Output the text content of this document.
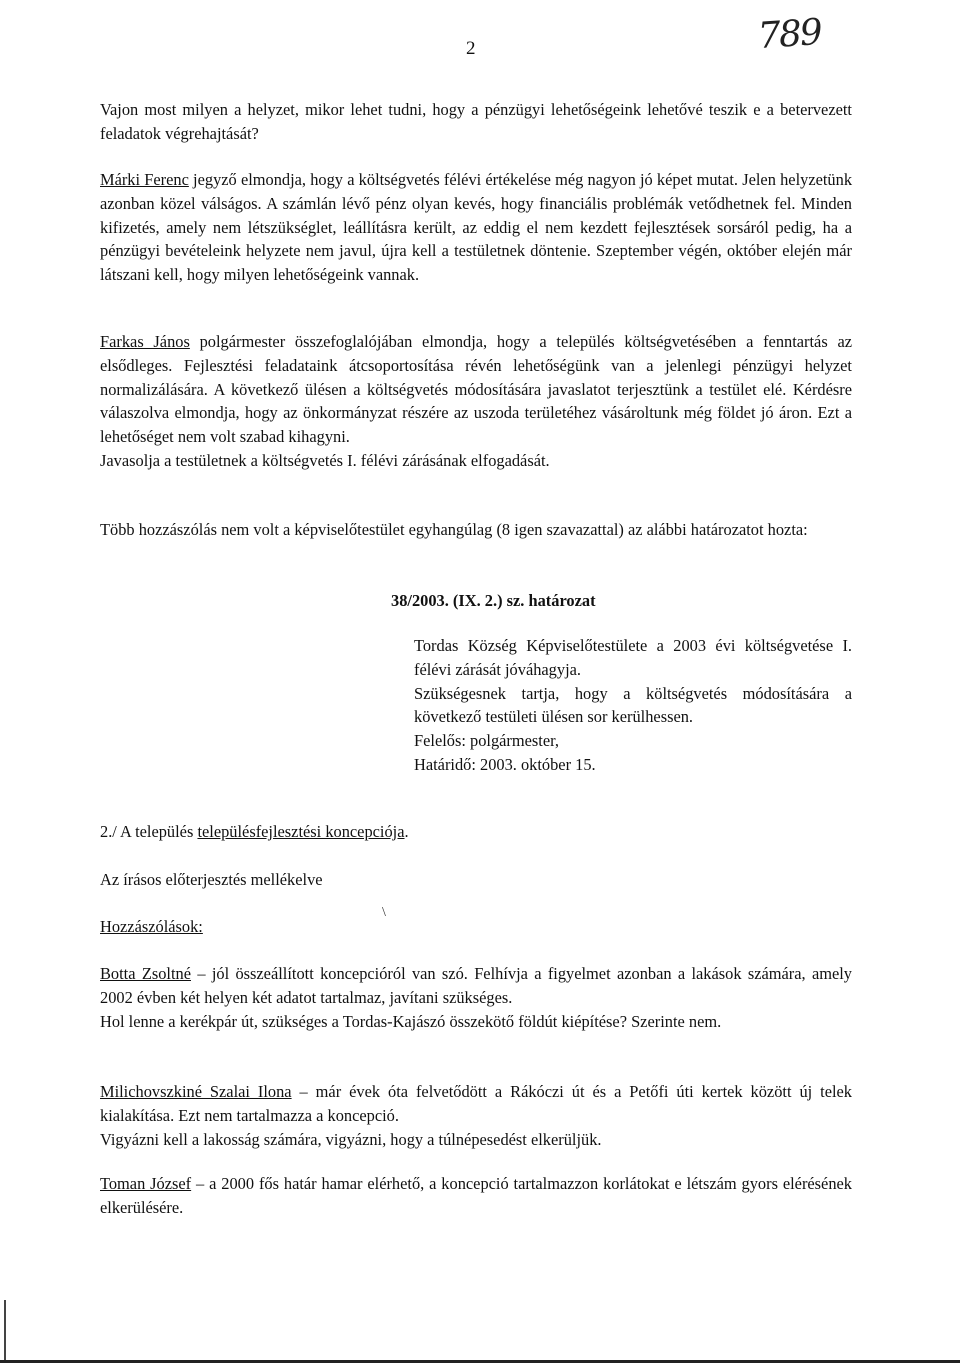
789
2

Vajon most milyen a helyzet, mikor lehet tudni, hogy a pénzügyi lehetőségeink lehetővé teszik e a betervezett feladatok végrehajtását?

Márki Ferenc jegyző elmondja, hogy a költségvetés félévi értékelése még nagyon jó képet mutat. Jelen helyzetünk azonban közel válságos. A számlán lévő pénz olyan kevés, hogy financiális problémák vetődhetnek fel. Minden kifizetés, amely nem létszükséglet, leállításra került, az eddig el nem kezdett fejlesztések sorsáról pedig, ha a pénzügyi bevételeink helyzete nem javul, újra kell a testületnek döntenie. Szeptember végén, október elején már látszani kell, hogy milyen lehetőségeink vannak.

Farkas János polgármester összefoglalójában elmondja, hogy a település költségvetésében a fenntartás az elsődleges. Fejlesztési feladataink átcsoportosítása révén lehetőségünk van a jelenlegi pénzügyi helyzet normalizálására. A következő ülésen a költségvetés módosítására javaslatot terjesztünk a testület elé. Kérdésre válaszolva elmondja, hogy az önkormányzat részére az uszoda területéhez vásároltunk még földet jó áron. Ezt a lehetőséget nem volt szabad kihagyni.

Javasolja a testületnek a költségvetés I. félévi zárásának elfogadását.

Több hozzászólás nem volt a képviselőtestület egyhangúlag (8 igen szavazattal) az alábbi határozatot hozta:

38/2003. (IX. 2.) sz. határozat

Tordas Község Képviselőtestülete a 2003 évi költségvetése I. félévi zárását jóváhagyja.

Szükségesnek tartja, hogy a költségvetés módosítására a következő testületi ülésen sor kerülhessen.

Felelős: polgármester,

Határidő: 2003. október 15.

2./ A település településfejlesztési koncepciója.

Az írásos előterjesztés mellékelve

\

Hozzászólások:

Botta Zsoltné – jól összeállított koncepcióról van szó. Felhívja a figyelmet azonban a lakások számára, amely 2002 évben két helyen két adatot tartalmaz, javítani szükséges.

Hol lenne a kerékpár út, szükséges a Tordas-Kajászó összekötő földút kiépítése? Szerinte nem.

Milichovszkiné Szalai Ilona – már évek óta felvetődött a Rákóczi út és a Petőfi úti kertek között új telek kialakítása. Ezt nem tartalmazza a koncepció.

Vigyázni kell a lakosság számára, vigyázni, hogy a túlnépesedést elkerüljük.

Toman József – a 2000 fős határ hamar elérhető, a koncepció tartalmazzon korlátokat e létszám gyors elérésének elkerülésére.
